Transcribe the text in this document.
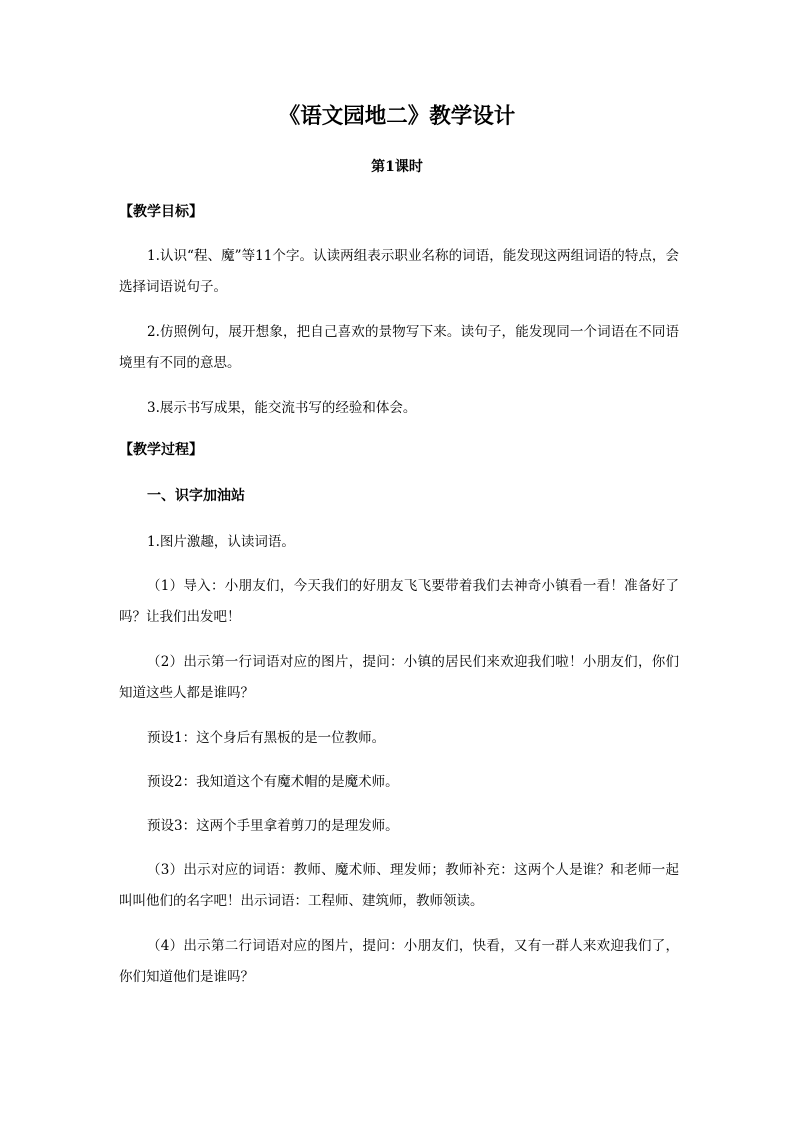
《语文园地二》教学设计
第1课时
【教学目标】
1.认识“程、魔”等11个字。认读两组表示职业名称的词语，能发现这两组词语的特点，会选择词语说句子。
2.仿照例句，展开想象，把自己喜欢的景物写下来。读句子，能发现同一个词语在不同语境里有不同的意思。
3.展示书写成果，能交流书写的经验和体会。
【教学过程】
一、识字加油站
1.图片激趣，认读词语。
（1）导入：小朋友们，今天我们的好朋友飞飞要带着我们去神奇小镇看一看！准备好了吗？让我们出发吧！
（2）出示第一行词语对应的图片，提问：小镇的居民们来欢迎我们啦！小朋友们，你们知道这些人都是谁吗？
预设1：这个身后有黑板的是一位教师。
预设2：我知道这个有魔术帽的是魔术师。
预设3：这两个手里拿着剪刀的是理发师。
（3）出示对应的词语：教师、魔术师、理发师；教师补充：这两个人是谁？和老师一起叫叫他们的名字吧！出示词语：工程师、建筑师，教师领读。
（4）出示第二行词语对应的图片，提问：小朋友们，快看，又有一群人来欢迎我们了，你们知道他们是谁吗？
